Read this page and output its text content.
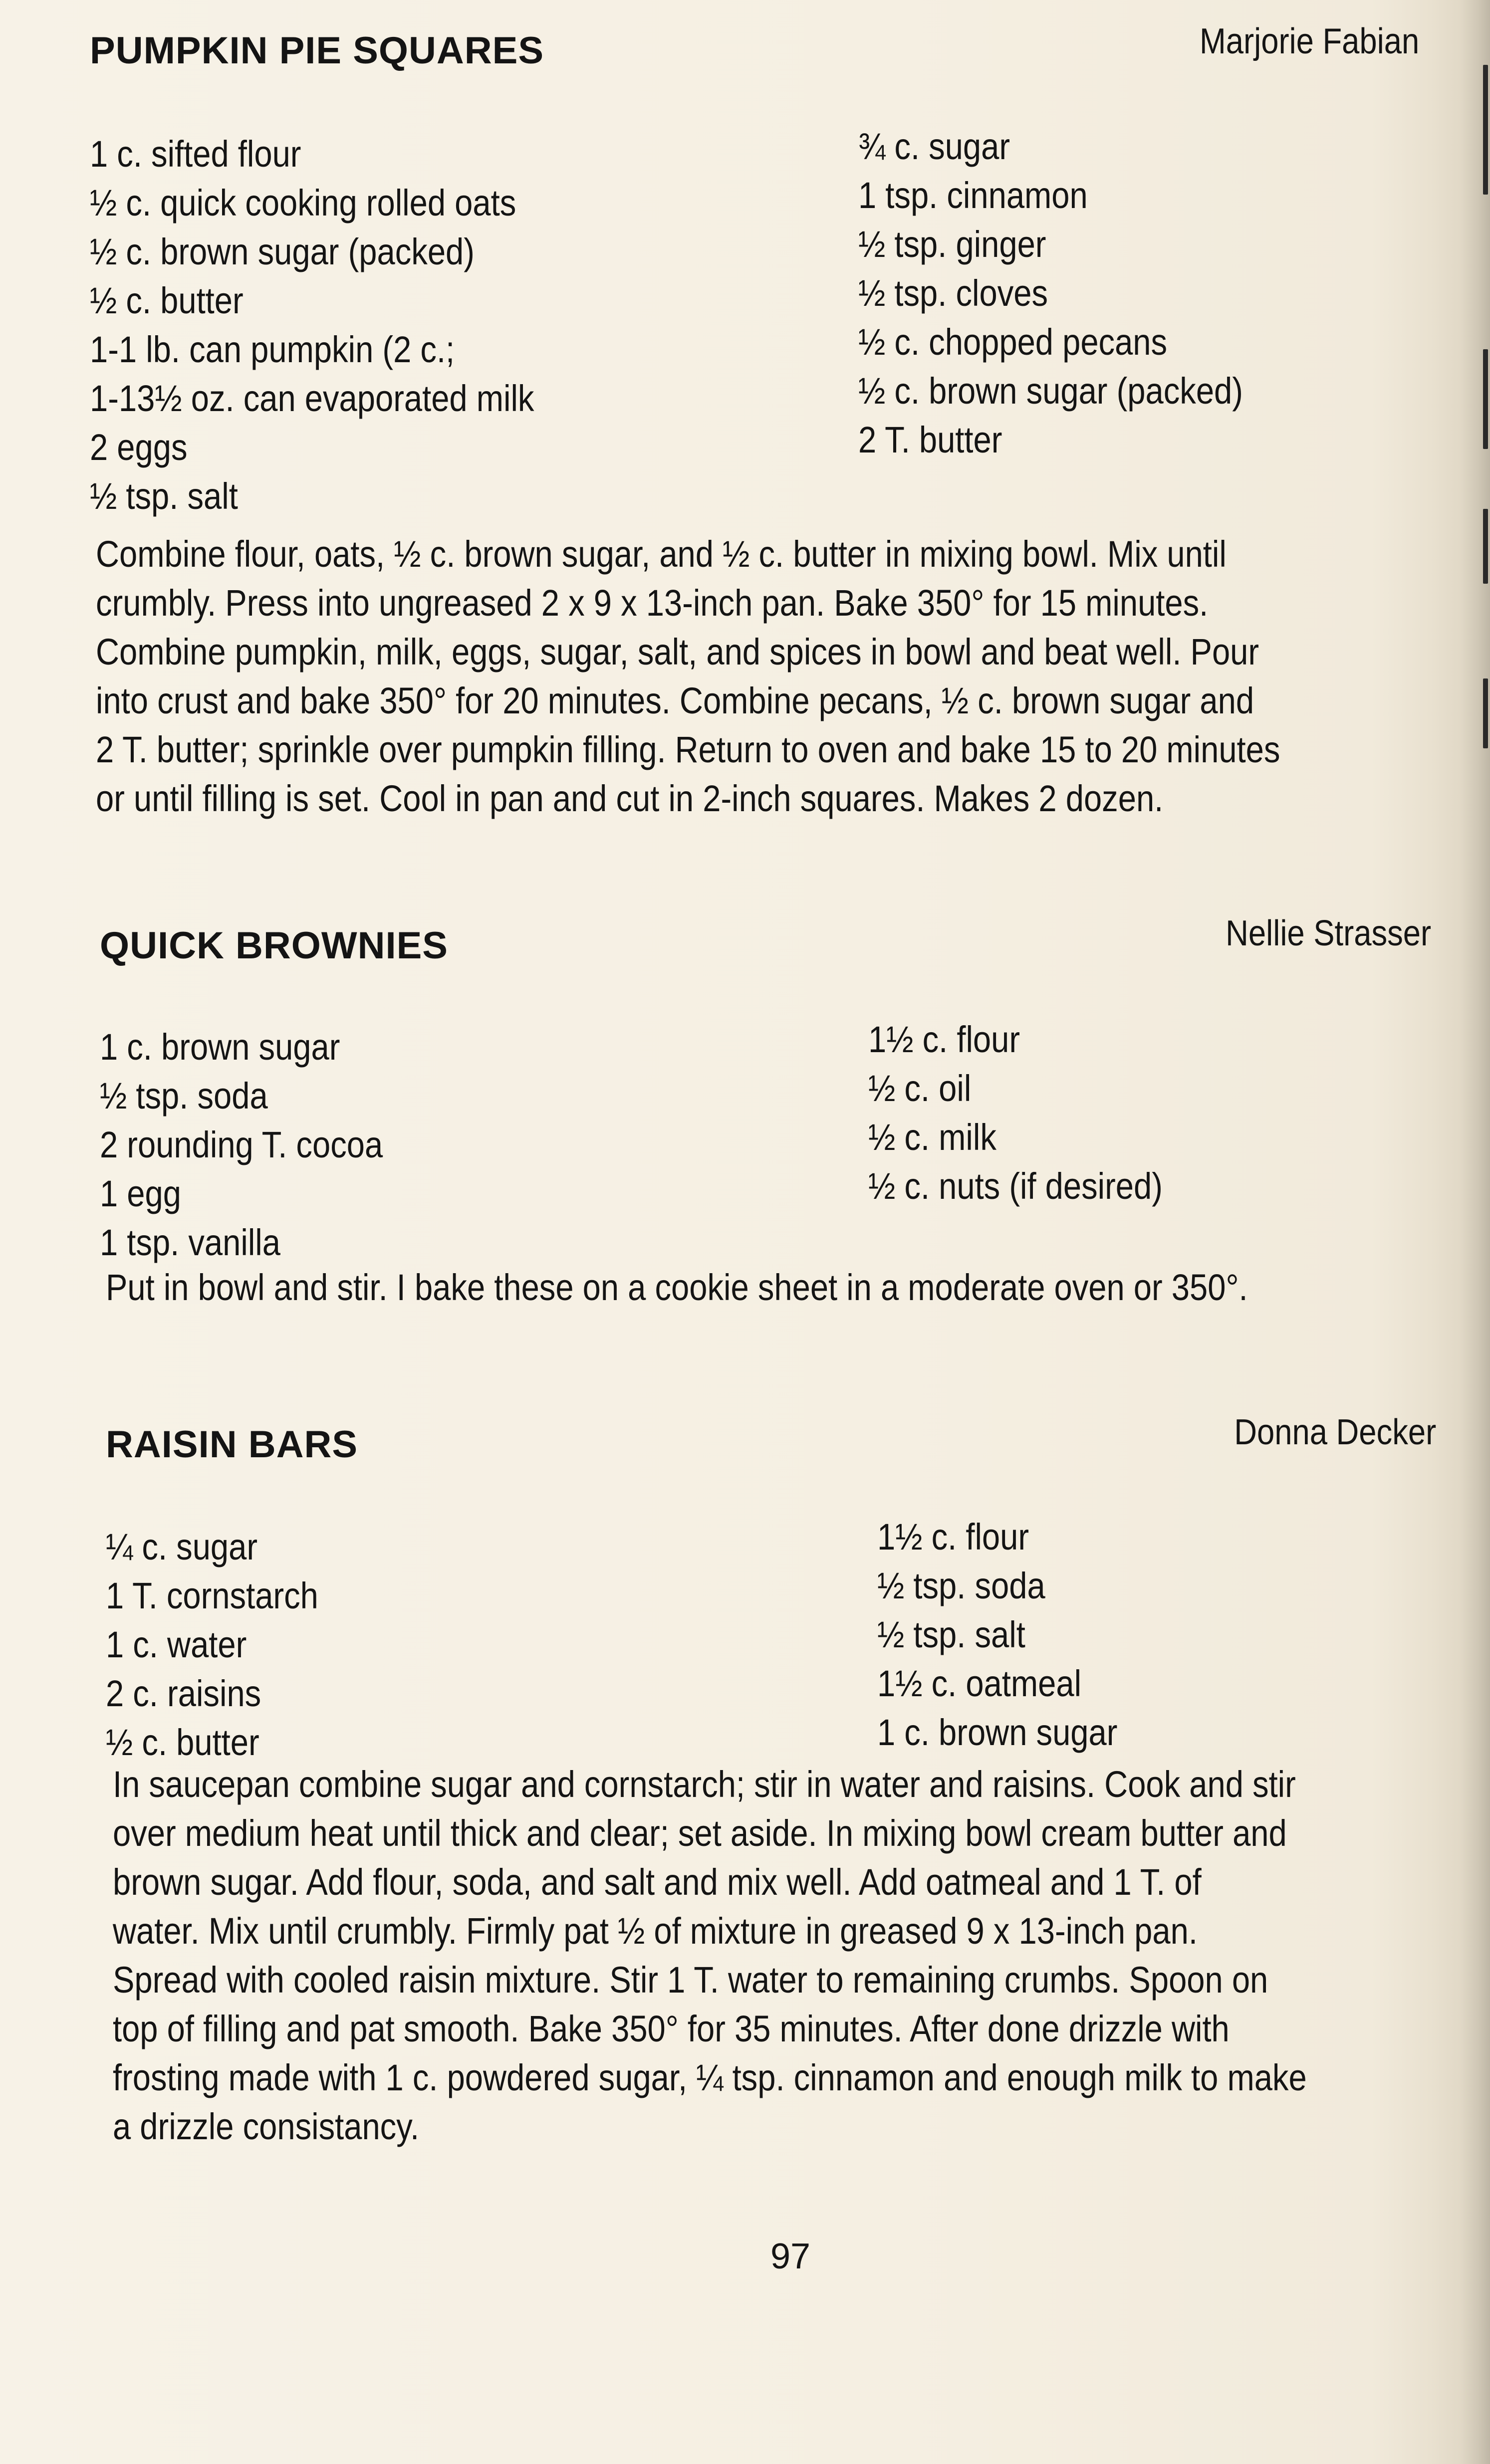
PUMPKIN PIE SQUARES	Marjorie Fabian
1 c. sifted flour
½ c. quick cooking rolled oats
½ c. brown sugar (packed)
½ c. butter
1-1 lb. can pumpkin (2 c.;
1-13½ oz. can evaporated milk
2 eggs
½ tsp. salt
¾ c. sugar
1 tsp. cinnamon
½ tsp. ginger
½ tsp. cloves
½ c. chopped pecans
½ c. brown sugar (packed)
2 T. butter

Combine flour, oats, ½ c. brown sugar, and ½ c. butter in mixing bowl. Mix until
crumbly. Press into ungreased 2 x 9 x 13-inch pan. Bake 350° for 15 minutes.
Combine pumpkin, milk, eggs, sugar, salt, and spices in bowl and beat well. Pour
into crust and bake 350° for 20 minutes. Combine pecans, ½ c. brown sugar and
2 T. butter; sprinkle over pumpkin filling. Return to oven and bake 15 to 20 minutes
or until filling is set. Cool in pan and cut in 2-inch squares. Makes 2 dozen.

QUICK BROWNIES	Nellie Strasser
1 c. brown sugar
½ tsp. soda
2 rounding T. cocoa
1 egg
1 tsp. vanilla
1½ c. flour
½ c. oil
½ c. milk
½ c. nuts (if desired)

Put in bowl and stir. I bake these on a cookie sheet in a moderate oven or 350°.

RAISIN BARS	Donna Decker
¼ c. sugar
1 T. cornstarch
1 c. water
2 c. raisins
½ c. butter
1½ c. flour
½ tsp. soda
½ tsp. salt
1½ c. oatmeal
1 c. brown sugar

In saucepan combine sugar and cornstarch; stir in water and raisins. Cook and stir
over medium heat until thick and clear; set aside. In mixing bowl cream butter and
brown sugar. Add flour, soda, and salt and mix well. Add oatmeal and 1 T. of
water. Mix until crumbly. Firmly pat ½ of mixture in greased 9 x 13-inch pan.
Spread with cooled raisin mixture. Stir 1 T. water to remaining crumbs. Spoon on
top of filling and pat smooth. Bake 350° for 35 minutes. After done drizzle with
frosting made with 1 c. powdered sugar, ¼ tsp. cinnamon and enough milk to make
a drizzle consistancy.

97
